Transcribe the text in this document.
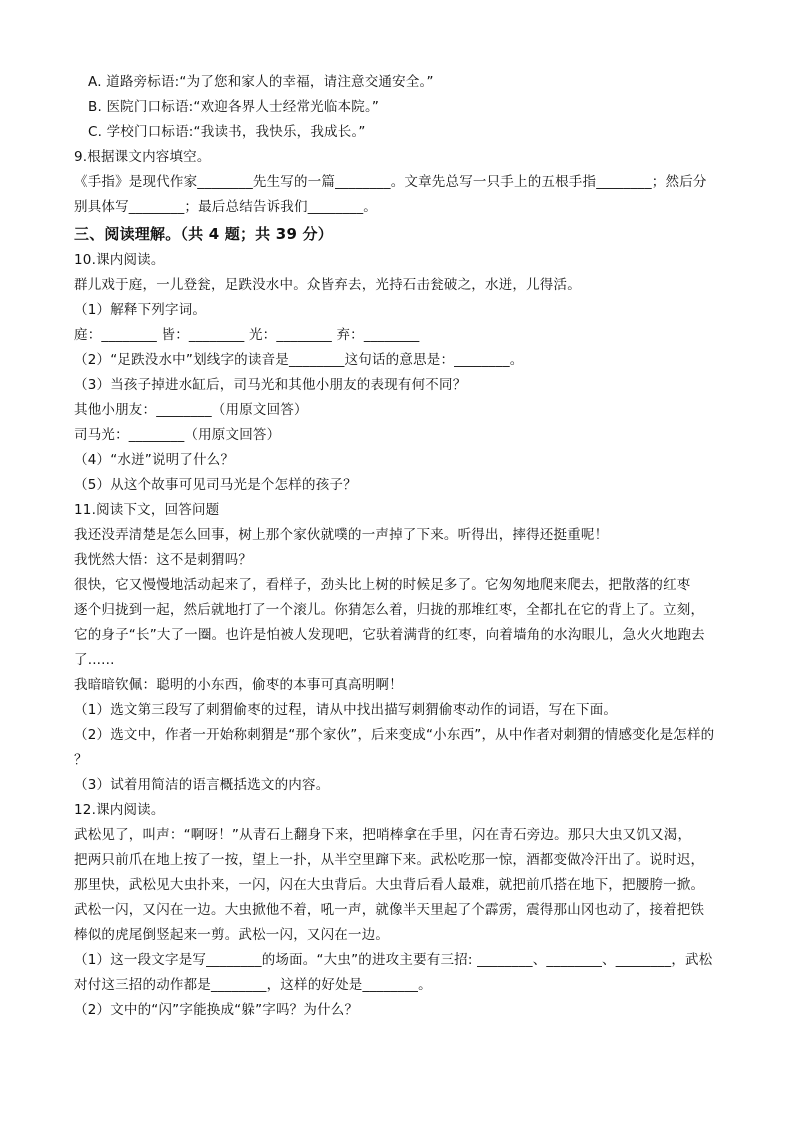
A. 道路旁标语:“为了您和家人的幸福，请注意交通安全。”
B. 医院门口标语:“欢迎各界人士经常光临本院。”
C. 学校门口标语:“我读书，我快乐，我成长。”
9.根据课文内容填空。
《手指》是现代作家________先生写的一篇________。文章先总写一只手上的五根手指________；然后分
别具体写________；最后总结告诉我们________。
三、阅读理解。（共 4 题；共 39 分）
10.课内阅读。
群儿戏于庭，一儿登瓮，足跌没水中。众皆弃去，光持石击瓮破之，水迸，儿得活。
（1）解释下列字词。
庭：________ 皆：________ 光：________ 弃：________
（2）“足跌没水中”划线字的读音是________这句话的意思是：________。
（3）当孩子掉进水缸后，司马光和其他小朋友的表现有何不同？
其他小朋友：________（用原文回答）
司马光：________（用原文回答）
（4）“水迸”说明了什么？
（5）从这个故事可见司马光是个怎样的孩子？
11.阅读下文，回答问题
我还没弄清楚是怎么回事，树上那个家伙就噗的一声掉了下来。听得出，摔得还挺重呢！
我恍然大悟：这不是刺猬吗？
很快，它又慢慢地活动起来了，看样子，劲头比上树的时候足多了。它匆匆地爬来爬去，把散落的红枣
逐个归拢到一起，然后就地打了一个滚儿。你猜怎么着，归拢的那堆红枣，全都扎在它的背上了。立刻，
它的身子“长”大了一圈。也许是怕被人发现吧，它驮着满背的红枣，向着墙角的水沟眼儿，急火火地跑去
了......
我暗暗钦佩：聪明的小东西，偷枣的本事可真高明啊！
（1）选文第三段写了刺猬偷枣的过程，请从中找出描写刺猬偷枣动作的词语，写在下面。
（2）选文中，作者一开始称刺猬是“那个家伙”，后来变成“小东西”，从中作者对刺猬的情感变化是怎样的
？
（3）试着用简洁的语言概括选文的内容。
12.课内阅读。
武松见了，叫声：“啊呀！”从青石上翻身下来，把哨棒拿在手里，闪在青石旁边。那只大虫又饥又渴，
把两只前爪在地上按了一按，望上一扑，从半空里蹿下来。武松吃那一惊，酒都变做冷汗出了。说时迟，
那里快，武松见大虫扑来，一闪，闪在大虫背后。大虫背后看人最难，就把前爪搭在地下，把腰胯一掀。
武松一闪，又闪在一边。大虫掀他不着，吼一声，就像半天里起了个霹雳，震得那山冈也动了，接着把铁
棒似的虎尾倒竖起来一剪。武松一闪，又闪在一边。
（1）这一段文字是写________的场面。“大虫”的进攻主要有三招: ________、________、________，武松
对付这三招的动作都是________，这样的好处是________。
（2）文中的“闪”字能换成“躲”字吗？为什么？
